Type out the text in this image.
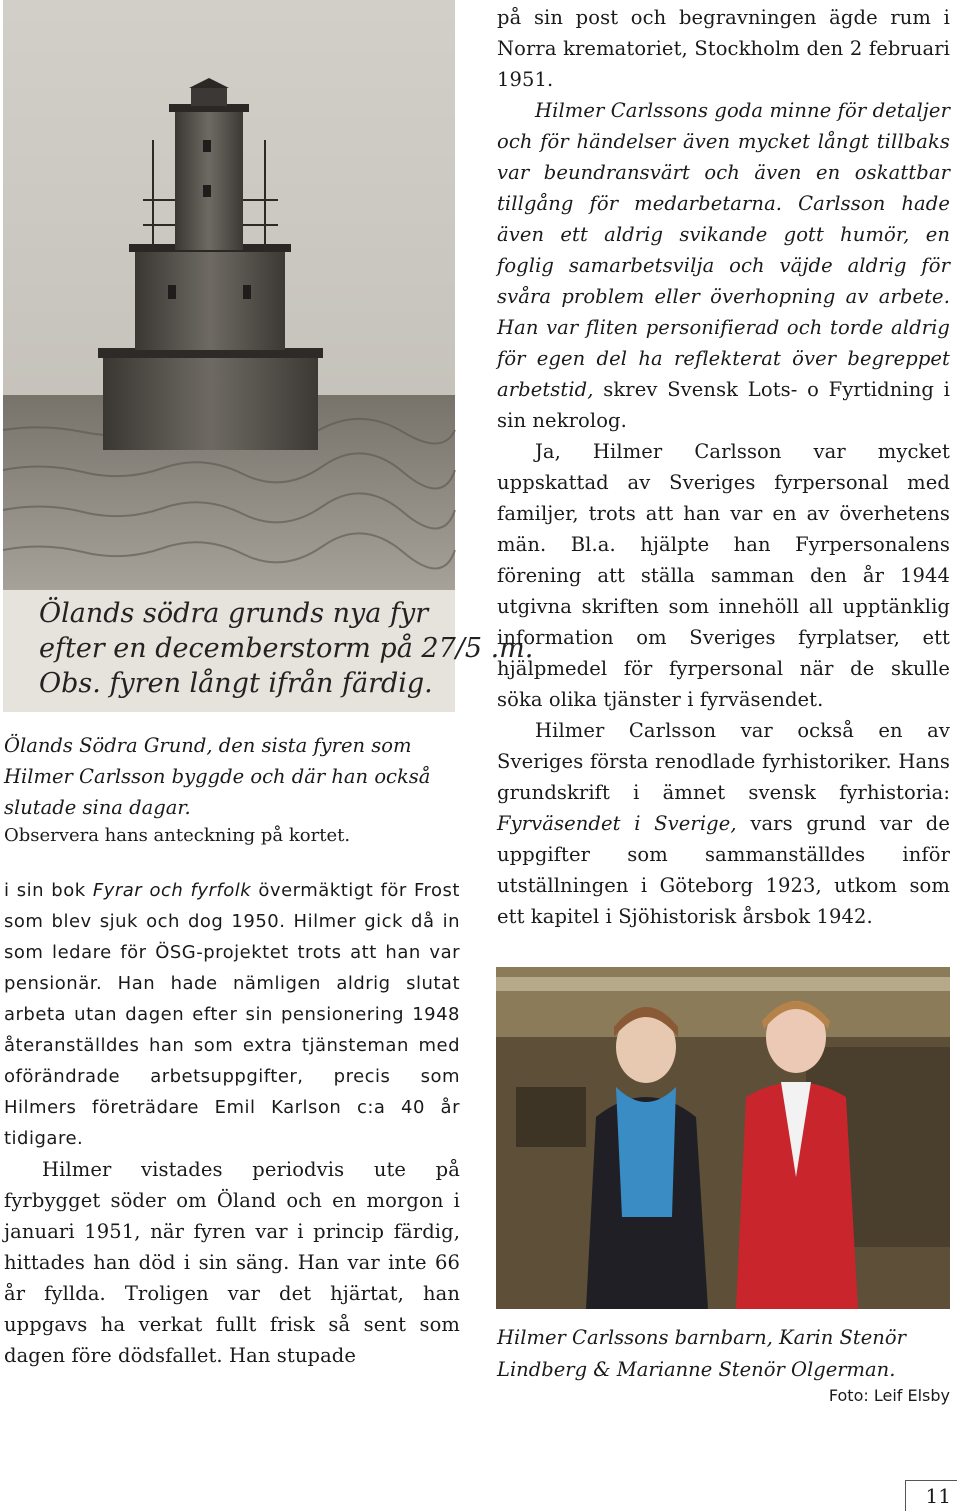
Ölands södra grunds nya fyr
efter en decemberstorm på 27/5 .m.
Obs. fyren långt ifrån färdig.

Ölands Södra Grund, den sista fyren som Hilmer Carlsson byggde och där han också slutade sina dagar.

Observera hans anteckning på kortet.

i sin bok Fyrar och fyrfolk övermäktigt för Frost som blev sjuk och dog 1950. Hilmer gick då in som ledare för ÖSG-projektet trots att han var pensionär. Han hade nämligen aldrig slutat arbeta utan dagen efter sin pensionering 1948 återanställdes han som extra tjänsteman med oförändrade arbetsuppgifter, precis som Hilmers företrädare Emil Karlson c:a 40 år tidigare.

Hilmer vistades periodvis ute på fyrbygget söder om Öland och en morgon i januari 1951, när fyren var i princip färdig, hittades han död i sin säng. Han var inte 66 år fyllda. Troligen var det hjärtat, han uppgavs ha verkat fullt frisk så sent som dagen före dödsfallet. Han stupade

på sin post och begravningen ägde rum i Norra krematoriet, Stockholm den 2 februari 1951.

Hilmer Carlssons goda minne för detaljer och för händelser även mycket långt tillbaks var beundransvärt och även en oskattbar tillgång för medarbetarna. Carlsson hade även ett aldrig svikande gott humör, en foglig samarbetsvilja och väjde aldrig för svåra problem eller överhopning av arbete. Han var fliten personifierad och torde aldrig för egen del ha reflekterat över begreppet arbetstid, skrev Svensk Lots- o Fyrtidning i sin nekrolog.

Ja, Hilmer Carlsson var mycket uppskattad av Sveriges fyrpersonal med familjer, trots att han var en av överhetens män. Bl.a. hjälpte han Fyrpersonalens förening att ställa samman den år 1944 utgivna skriften som innehöll all upptänklig information om Sveriges fyrplatser, ett hjälpmedel för fyrpersonal när de skulle söka olika tjänster i fyrväsendet.

Hilmer Carlsson var också en av Sveriges första renodlade fyrhistoriker. Hans grundskrift i ämnet svensk fyrhistoria: Fyrväsendet i Sverige, vars grund var de uppgifter som sammanställdes inför utställningen i Göteborg 1923, utkom som ett kapitel i Sjöhistorisk årsbok 1942.

Hilmer Carlssons barnbarn, Karin Stenör Lindberg & Marianne Stenör Olgerman.

Foto: Leif Elsby

11
